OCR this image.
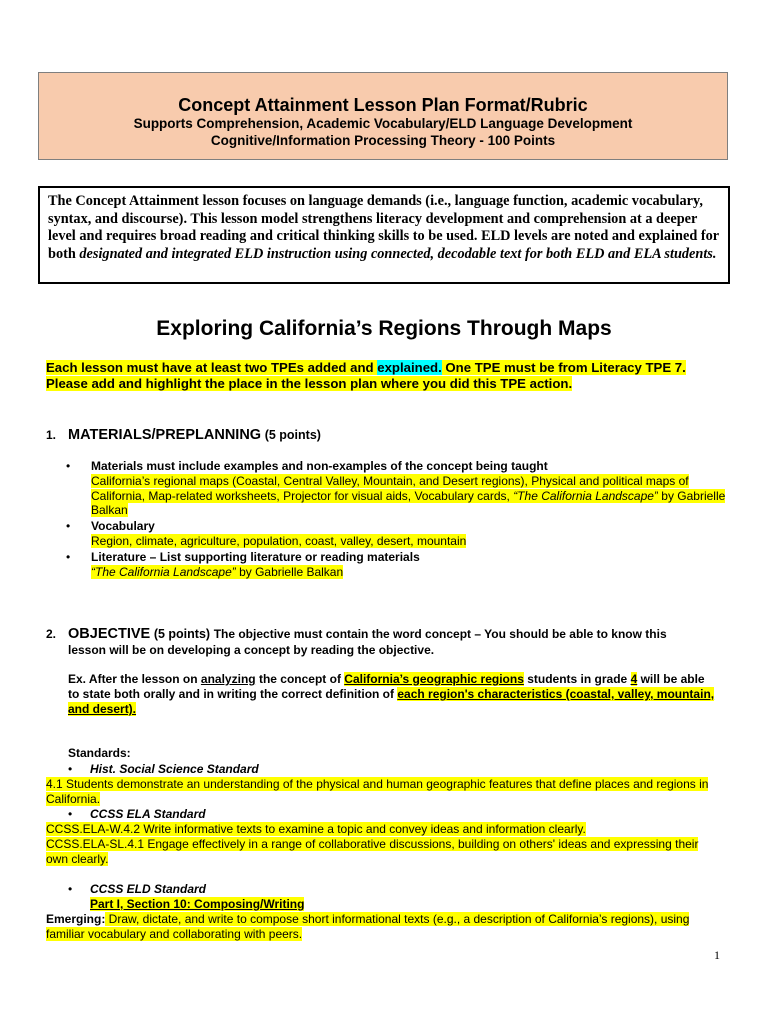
Concept Attainment Lesson Plan Format/Rubric
Supports Comprehension, Academic Vocabulary/ELD Language Development
Cognitive/Information Processing Theory - 100 Points
The Concept Attainment lesson focuses on language demands (i.e., language function, academic vocabulary, syntax, and discourse). This lesson model strengthens literacy development and comprehension at a deeper level and requires broad reading and critical thinking skills to be used. ELD levels are noted and explained for both designated and integrated ELD instruction using connected, decodable text for both ELD and ELA students.
Exploring California’s Regions Through Maps
Each lesson must have at least two TPEs added and explained. One TPE must be from Literacy TPE 7.
Please add and highlight the place in the lesson plan where you did this TPE action.
1. MATERIALS/PREPLANNING (5 points)
• Materials must include examples and non-examples of the concept being taught
California’s regional maps (Coastal, Central Valley, Mountain, and Desert regions), Physical and political maps of California, Map-related worksheets, Projector for visual aids, Vocabulary cards, “The California Landscape” by Gabrielle Balkan
• Vocabulary
Region, climate, agriculture, population, coast, valley, desert, mountain
• Literature – List supporting literature or reading materials
“The California Landscape” by Gabrielle Balkan
2. OBJECTIVE (5 points) The objective must contain the word concept – You should be able to know this
lesson will be on developing a concept by reading the objective.
Ex. After the lesson on analyzing the concept of California’s geographic regions students in grade 4 will be able
to state both orally and in writing the correct definition of each region's characteristics (coastal, valley, mountain,
and desert).
Standards:
• Hist. Social Science Standard
4.1 Students demonstrate an understanding of the physical and human geographic features that define places and regions in California.
• CCSS ELA Standard
CCSS.ELA-W.4.2 Write informative texts to examine a topic and convey ideas and information clearly.
CCSS.ELA-SL.4.1 Engage effectively in a range of collaborative discussions, building on others' ideas and expressing their own clearly.
• CCSS ELD Standard
Part I, Section 10: Composing/Writing
Emerging: Draw, dictate, and write to compose short informational texts (e.g., a description of California’s regions), using familiar vocabulary and collaborating with peers.
1
